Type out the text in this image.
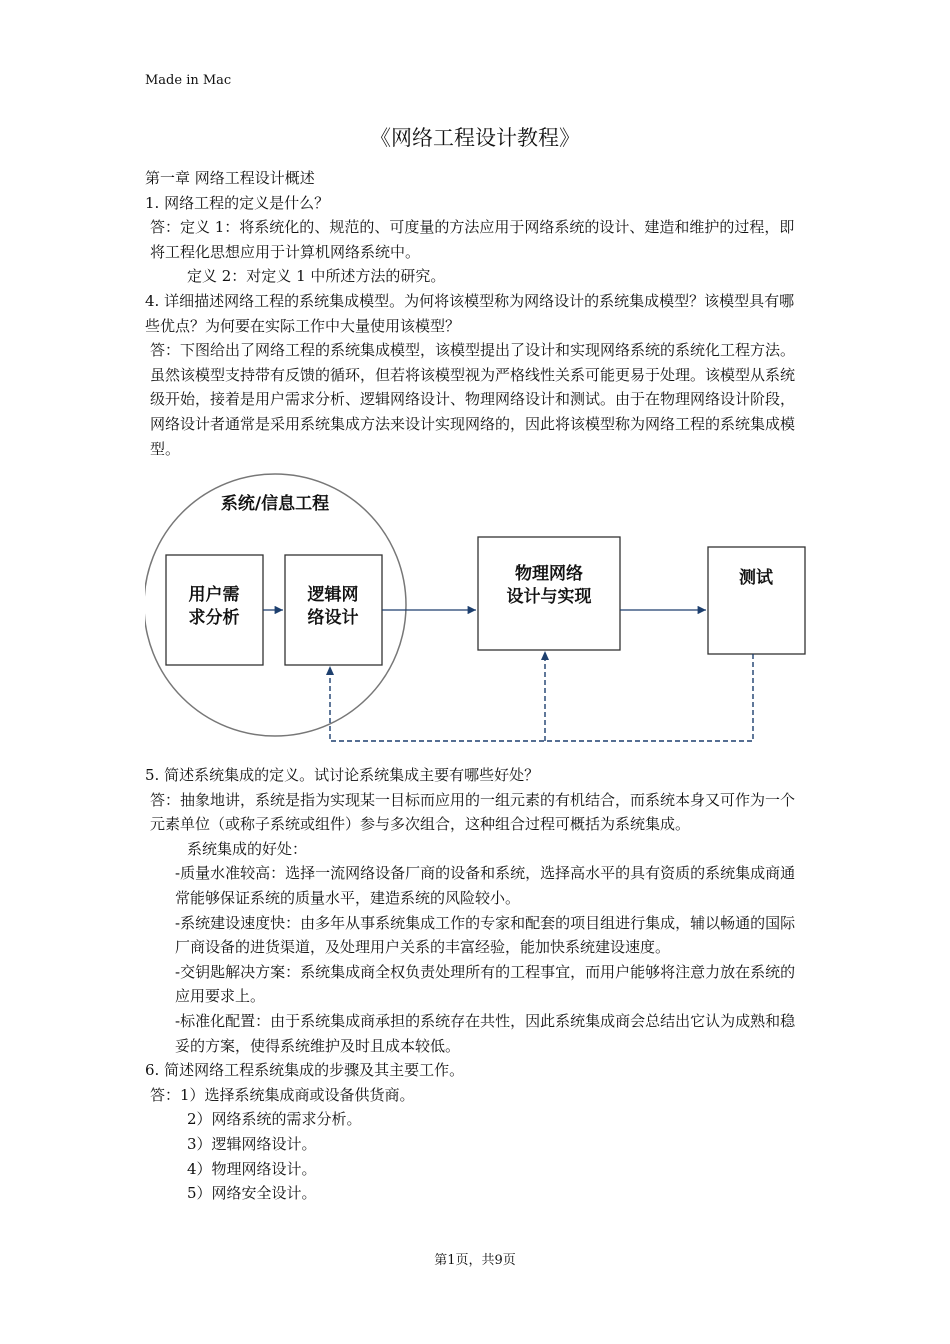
Made in Mac
《网络工程设计教程》

第一章 网络工程设计概述

1. 网络工程的定义是什么？

答：定义 1：将系统化的、规范的、可度量的方法应用于网络系统的设计、建造和维护的过程，即将工程化思想应用于计算机网络系统中。

定义 2：对定义 1 中所述方法的研究。

4. 详细描述网络工程的系统集成模型。为何将该模型称为网络设计的系统集成模型？该模型具有哪些优点？为何要在实际工作中大量使用该模型？

答：下图给出了网络工程的系统集成模型，该模型提出了设计和实现网络系统的系统化工程方法。虽然该模型支持带有反馈的循环，但若将该模型视为严格线性关系可能更易于处理。该模型从系统级开始，接着是用户需求分析、逻辑网络设计、物理网络设计和测试。由于在物理网络设计阶段，网络设计者通常是采用系统集成方法来设计实现网络的，因此将该模型称为网络工程的系统集成模型。

系统/信息工程
用户需
求分析
逻辑网
络设计
物理网络
设计与实现
测试

5. 简述系统集成的定义。试讨论系统集成主要有哪些好处？

答：抽象地讲，系统是指为实现某一目标而应用的一组元素的有机结合，而系统本身又可作为一个元素单位（或称子系统或组件）参与多次组合，这种组合过程可概括为系统集成。

系统集成的好处：

-质量水准较高：选择一流网络设备厂商的设备和系统，选择高水平的具有资质的系统集成商通常能够保证系统的质量水平，建造系统的风险较小。

-系统建设速度快：由多年从事系统集成工作的专家和配套的项目组进行集成，辅以畅通的国际厂商设备的进货渠道，及处理用户关系的丰富经验，能加快系统建设速度。

-交钥匙解决方案：系统集成商全权负责处理所有的工程事宜，而用户能够将注意力放在系统的应用要求上。

-标准化配置：由于系统集成商承担的系统存在共性，因此系统集成商会总结出它认为成熟和稳妥的方案，使得系统维护及时且成本较低。

6. 简述网络工程系统集成的步骤及其主要工作。

答：1）选择系统集成商或设备供货商。

2）网络系统的需求分析。

3）逻辑网络设计。

4）物理网络设计。

5）网络安全设计。

第1页，共9页
